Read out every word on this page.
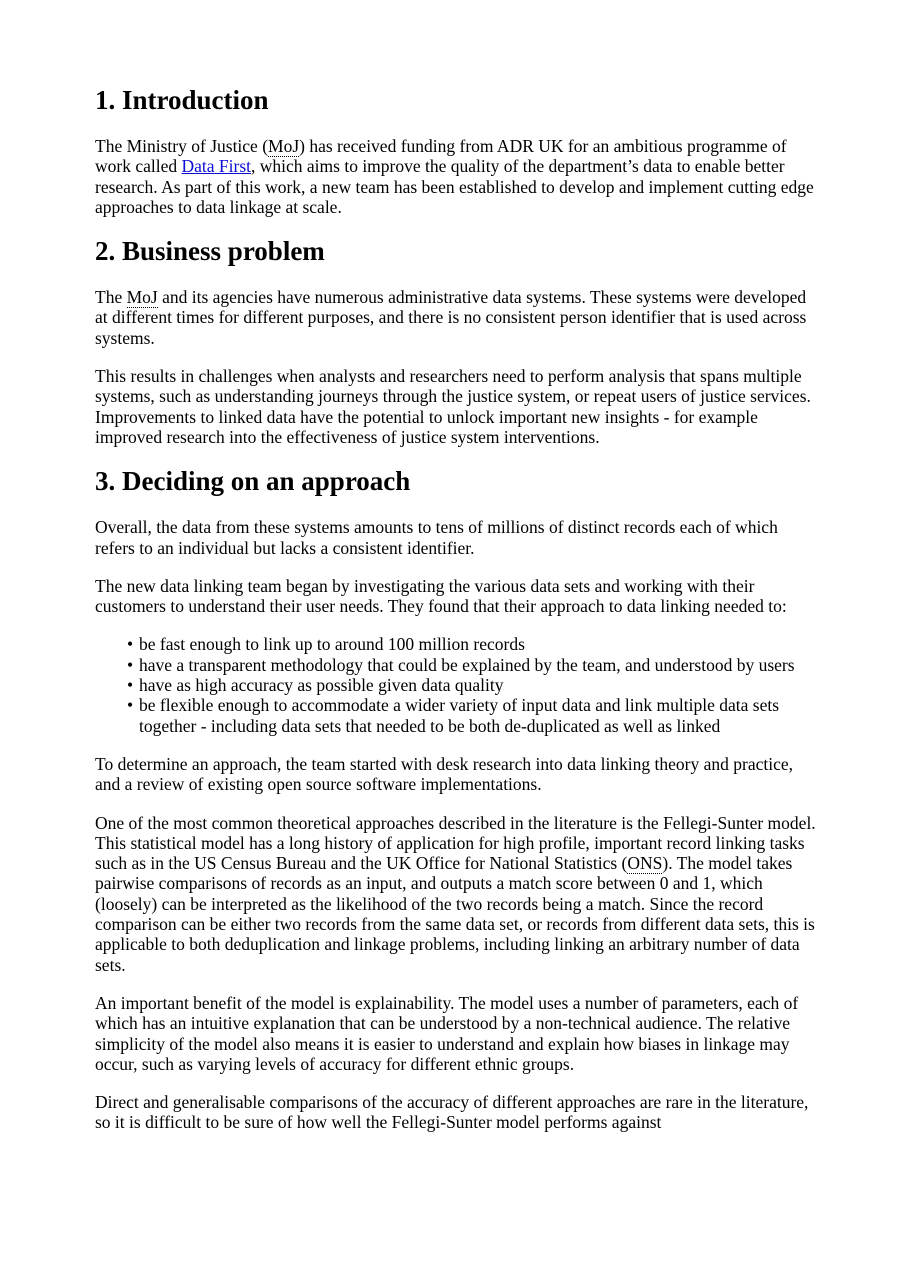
1. Introduction

The Ministry of Justice (MoJ) has received funding from ADR UK for an ambitious programme of work called Data First, which aims to improve the quality of the department’s data to enable better research. As part of this work, a new team has been established to develop and implement cutting edge approaches to data linkage at scale.

2. Business problem

The MoJ and its agencies have numerous administrative data systems. These systems were developed at different times for different purposes, and there is no consistent person identifier that is used across systems.

This results in challenges when analysts and researchers need to perform analysis that spans multiple systems, such as understanding journeys through the justice system, or repeat users of justice services. Improvements to linked data have the potential to unlock important new insights - for example improved research into the effectiveness of justice system interventions.

3. Deciding on an approach

Overall, the data from these systems amounts to tens of millions of distinct records each of which refers to an individual but lacks a consistent identifier.

The new data linking team began by investigating the various data sets and working with their customers to understand their user needs. They found that their approach to data linking needed to:

• be fast enough to link up to around 100 million records
• have a transparent methodology that could be explained by the team, and understood by users
• have as high accuracy as possible given data quality
• be flexible enough to accommodate a wider variety of input data and link multiple data sets together - including data sets that needed to be both de-duplicated as well as linked

To determine an approach, the team started with desk research into data linking theory and practice, and a review of existing open source software implementations.

One of the most common theoretical approaches described in the literature is the Fellegi-Sunter model. This statistical model has a long history of application for high profile, important record linking tasks such as in the US Census Bureau and the UK Office for National Statistics (ONS). The model takes pairwise comparisons of records as an input, and outputs a match score between 0 and 1, which (loosely) can be interpreted as the likelihood of the two records being a match. Since the record comparison can be either two records from the same data set, or records from different data sets, this is applicable to both deduplication and linkage problems, including linking an arbitrary number of data sets.

An important benefit of the model is explainability. The model uses a number of parameters, each of which has an intuitive explanation that can be understood by a non-technical audience. The relative simplicity of the model also means it is easier to understand and explain how biases in linkage may occur, such as varying levels of accuracy for different ethnic groups.

Direct and generalisable comparisons of the accuracy of different approaches are rare in the literature, so it is difficult to be sure of how well the Fellegi-Sunter model performs against
